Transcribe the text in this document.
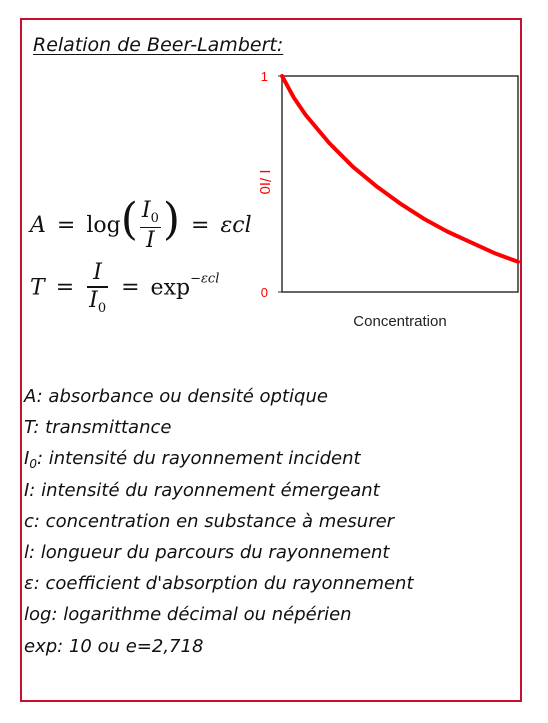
Relation de Beer-Lambert:
$A = \log( \frac{I_0}{I}$ ) = εcl
$T = \frac{I}{I_0} = \exp^{-\varepsilon cl}$
1
0
I /I0
Concentration
A: absorbance ou densité optique
T: transmittance
$I_0$: intensité du rayonnement incident
I: intensité du rayonnement émergeant
c: concentration en substance à mesurer
l: longueur du parcours du rayonnement
ε: coefficient d'absorption du rayonnement
log: logarithme décimal ou népérien
exp: 10 ou e=2,718
